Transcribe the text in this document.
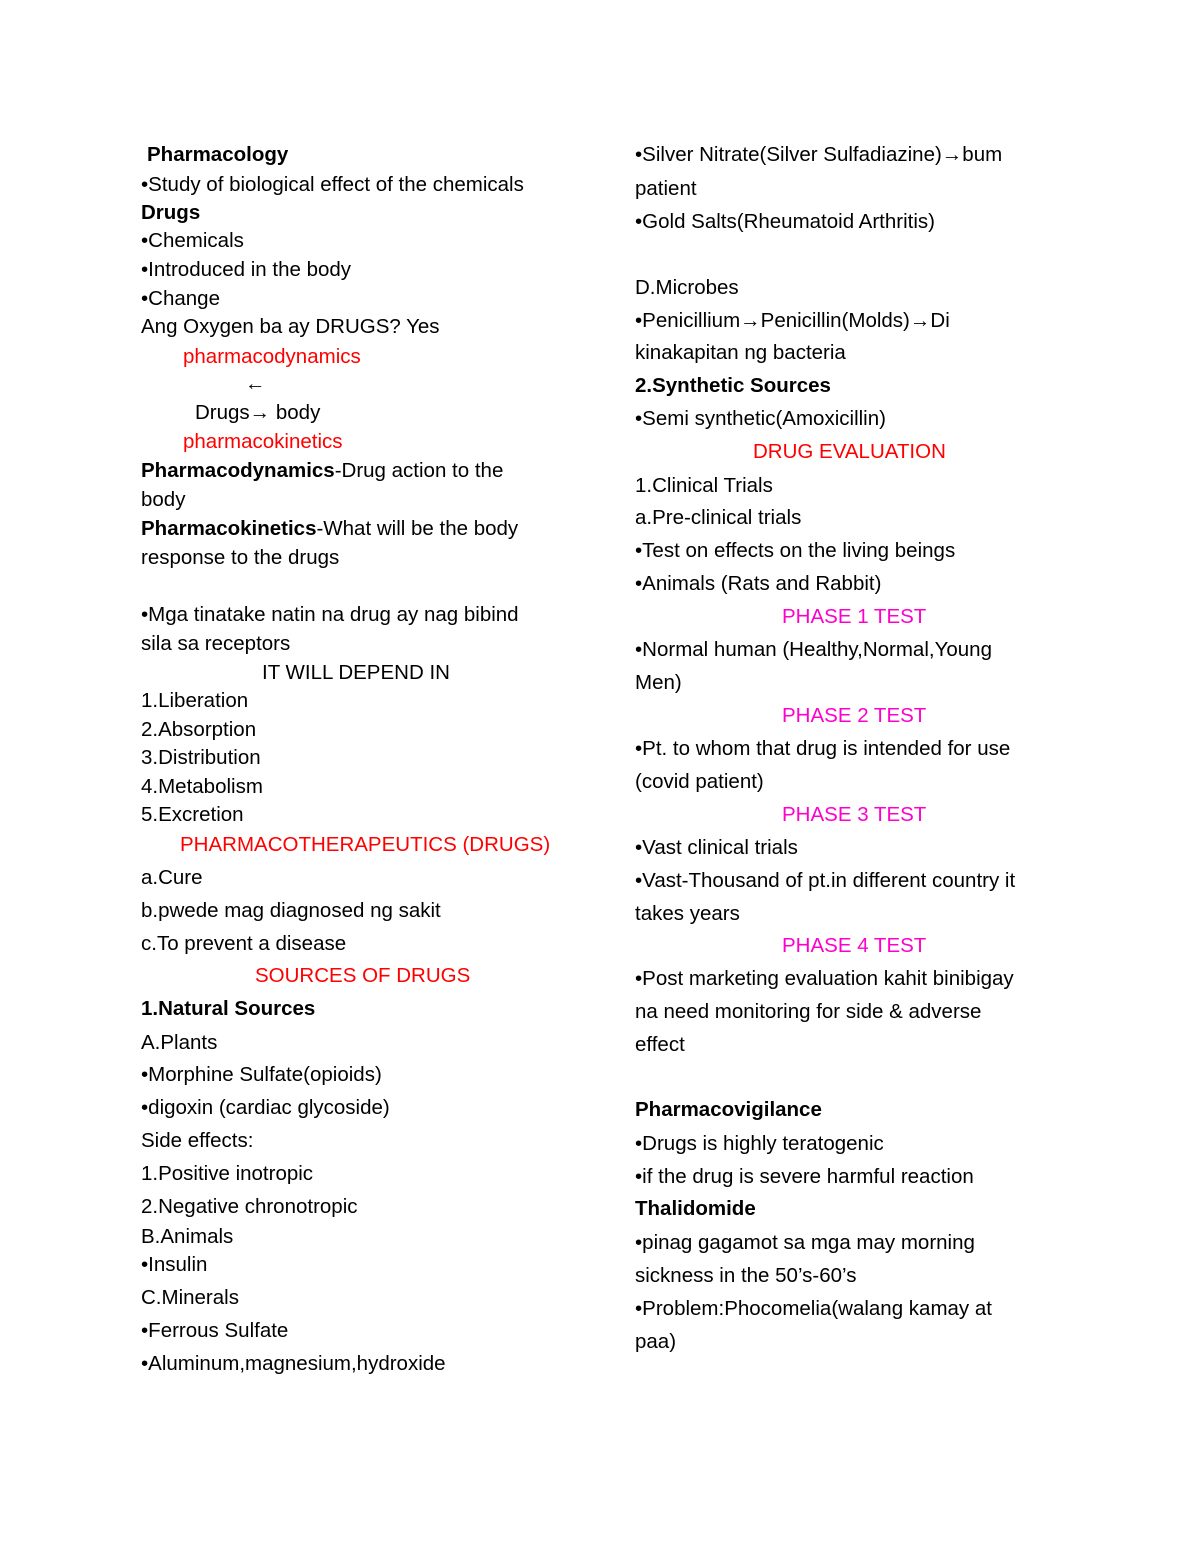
Pharmacology
•Study of biological effect of the chemicals
Drugs
•Chemicals
•Introduced in the body
•Change
Ang Oxygen ba ay DRUGS? Yes
pharmacodynamics
←
Drugs→ body
pharmacokinetics
Pharmacodynamics-Drug action to the
body
Pharmacokinetics-What will be the body
response to the drugs
•Mga tinatake natin na drug ay nag bibind
sila sa receptors
IT WILL DEPEND IN
1.Liberation
2.Absorption
3.Distribution
4.Metabolism
5.Excretion
PHARMACOTHERAPEUTICS (DRUGS)
a.Cure
b.pwede mag diagnosed ng sakit
c.To prevent a disease
SOURCES OF DRUGS
1.Natural Sources
A.Plants
•Morphine Sulfate(opioids)
•digoxin (cardiac glycoside)
Side effects:
1.Positive inotropic
2.Negative chronotropic
B.Animals
•Insulin
C.Minerals
•Ferrous Sulfate
•Aluminum,magnesium,hydroxide
•Silver Nitrate(Silver Sulfadiazine)→bum
patient
•Gold Salts(Rheumatoid Arthritis)
D.Microbes
•Penicillium→Penicillin(Molds)→Di
kinakapitan ng bacteria
2.Synthetic Sources
•Semi synthetic(Amoxicillin)
DRUG EVALUATION
1.Clinical Trials
a.Pre-clinical trials
•Test on effects on the living beings
•Animals (Rats and Rabbit)
PHASE 1 TEST
•Normal human (Healthy,Normal,Young
Men)
PHASE 2 TEST
•Pt. to whom that drug is intended for use
(covid patient)
PHASE 3 TEST
•Vast clinical trials
•Vast-Thousand of pt.in different country it
takes years
PHASE 4 TEST
•Post marketing evaluation kahit binibigay
na need monitoring for side & adverse
effect
Pharmacovigilance
•Drugs is highly teratogenic
•if the drug is severe harmful reaction
Thalidomide
•pinag gagamot sa mga may morning
sickness in the 50’s-60’s
•Problem:Phocomelia(walang kamay at
paa)
